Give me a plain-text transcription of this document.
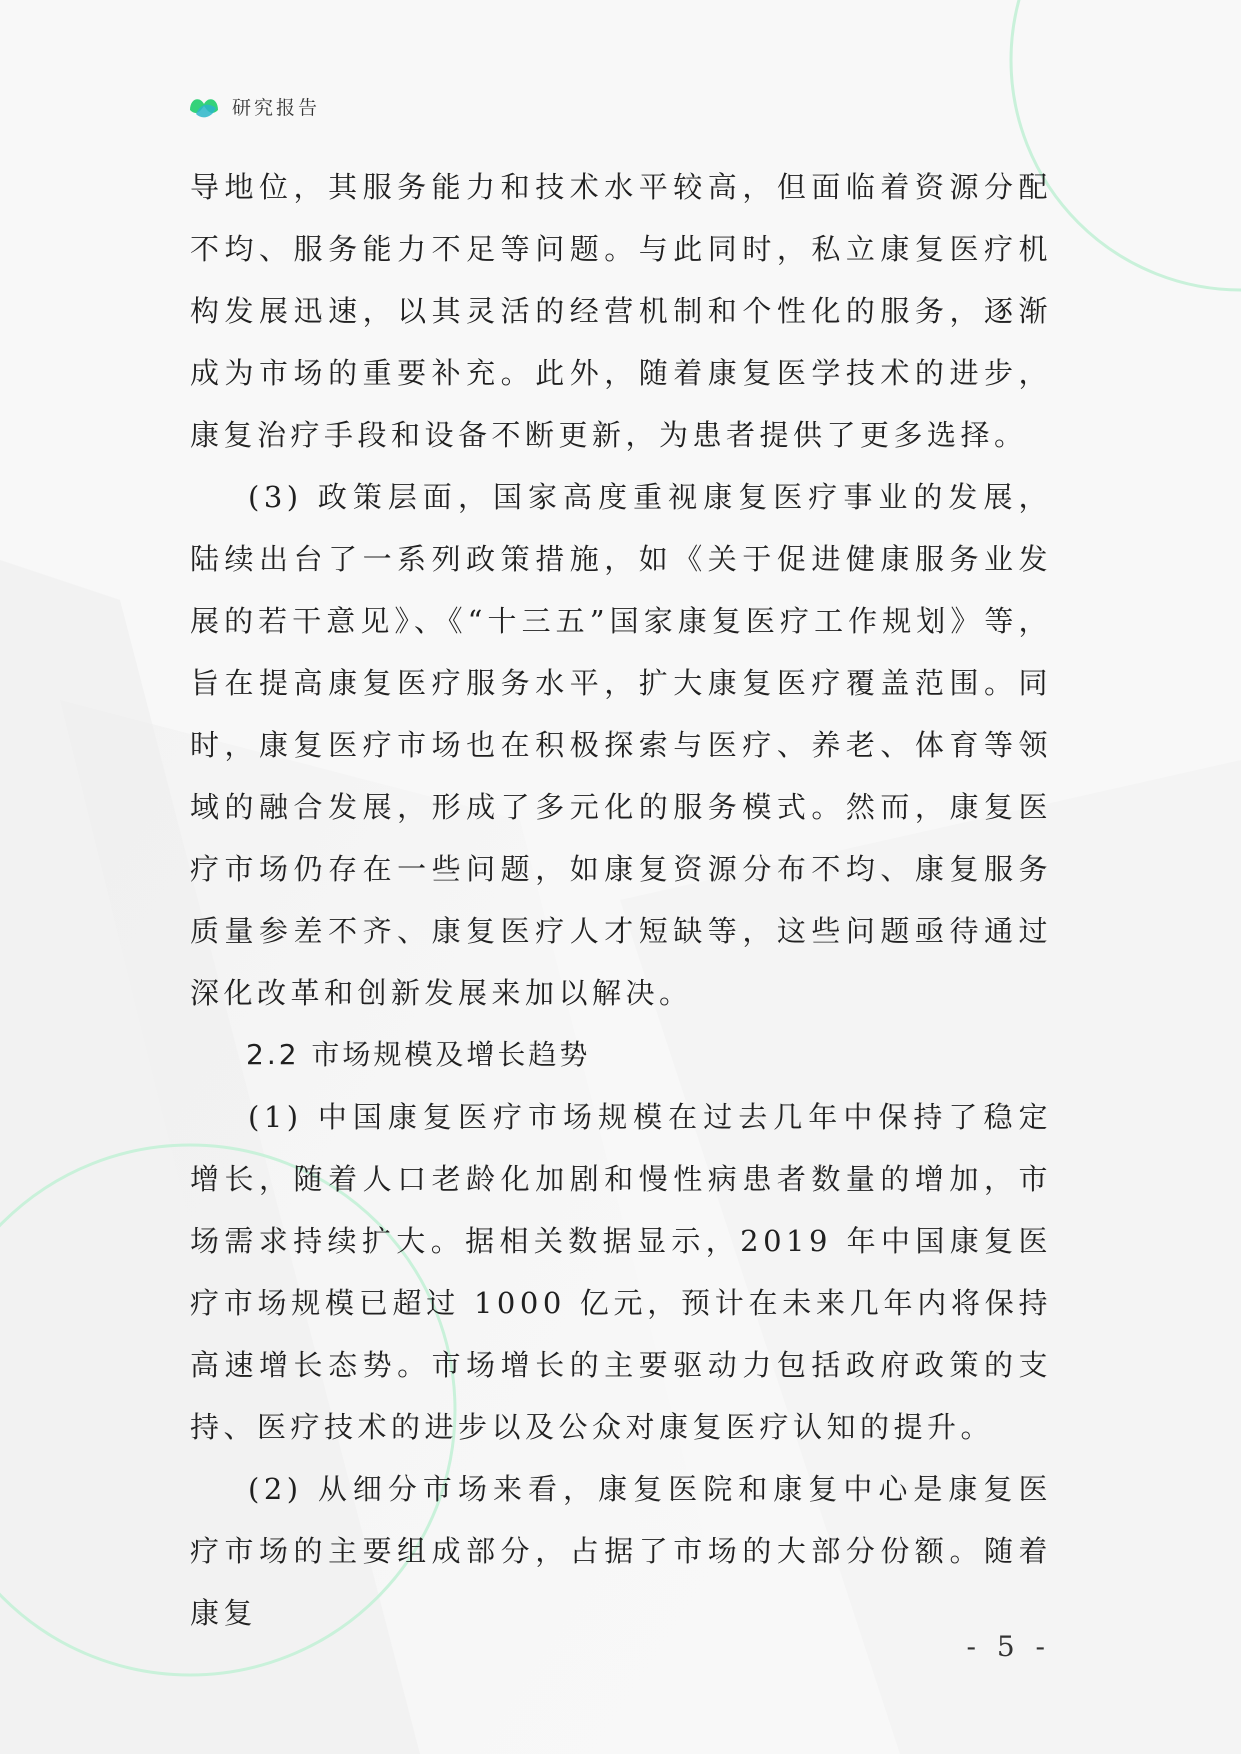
研究报告

导地位，其服务能力和技术水平较高，但面临着资源分配不均、服务能力不足等问题。与此同时，私立康复医疗机构发展迅速，以其灵活的经营机制和个性化的服务，逐渐成为市场的重要补充。此外，随着康复医学技术的进步，康复治疗手段和设备不断更新，为患者提供了更多选择。

(3) 政策层面，国家高度重视康复医疗事业的发展，陆续出台了一系列政策措施，如《关于促进健康服务业发展的若干意见》、《“十三五”国家康复医疗工作规划》等，旨在提高康复医疗服务水平，扩大康复医疗覆盖范围。同时，康复医疗市场也在积极探索与医疗、养老、体育等领域的融合发展，形成了多元化的服务模式。然而，康复医疗市场仍存在一些问题，如康复资源分布不均、康复服务质量参差不齐、康复医疗人才短缺等，这些问题亟待通过深化改革和创新发展来加以解决。

2.2 市场规模及增长趋势

(1) 中国康复医疗市场规模在过去几年中保持了稳定增长，随着人口老龄化加剧和慢性病患者数量的增加，市场需求持续扩大。据相关数据显示，2019 年中国康复医疗市场规模已超过 1000 亿元，预计在未来几年内将保持高速增长态势。市场增长的主要驱动力包括政府政策的支持、医疗技术的进步以及公众对康复医疗认知的提升。

(2) 从细分市场来看，康复医院和康复中心是康复医疗市场的主要组成部分，占据了市场的大部分份额。随着康复

- 5 -
